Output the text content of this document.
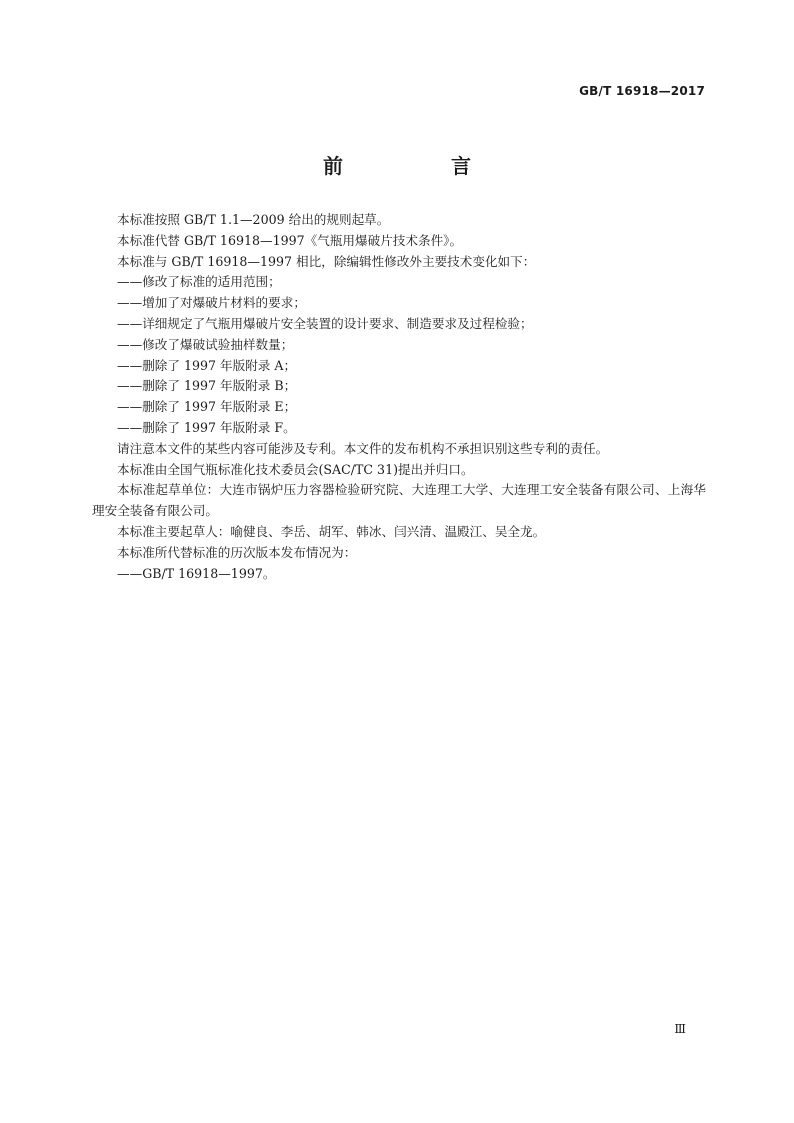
GB/T 16918—2017
前　言

本标准按照 GB/T 1.1—2009 给出的规则起草。

本标准代替 GB/T 16918—1997《气瓶用爆破片技术条件》。

本标准与 GB/T 16918—1997 相比，除编辑性修改外主要技术变化如下：

——修改了标准的适用范围；

——增加了对爆破片材料的要求；

——详细规定了气瓶用爆破片安全装置的设计要求、制造要求及过程检验；

——修改了爆破试验抽样数量；

——删除了 1997 年版附录 A；

——删除了 1997 年版附录 B；

——删除了 1997 年版附录 E；

——删除了 1997 年版附录 F。

请注意本文件的某些内容可能涉及专利。本文件的发布机构不承担识别这些专利的责任。

本标准由全国气瓶标准化技术委员会(SAC/TC 31)提出并归口。

本标准起草单位：大连市锅炉压力容器检验研究院、大连理工大学、大连理工安全装备有限公司、上海华理安全装备有限公司。

本标准主要起草人：喻健良、李岳、胡军、韩冰、闫兴清、温殿江、吴全龙。

本标准所代替标准的历次版本发布情况为：

——GB/T 16918—1997。

Ⅲ
